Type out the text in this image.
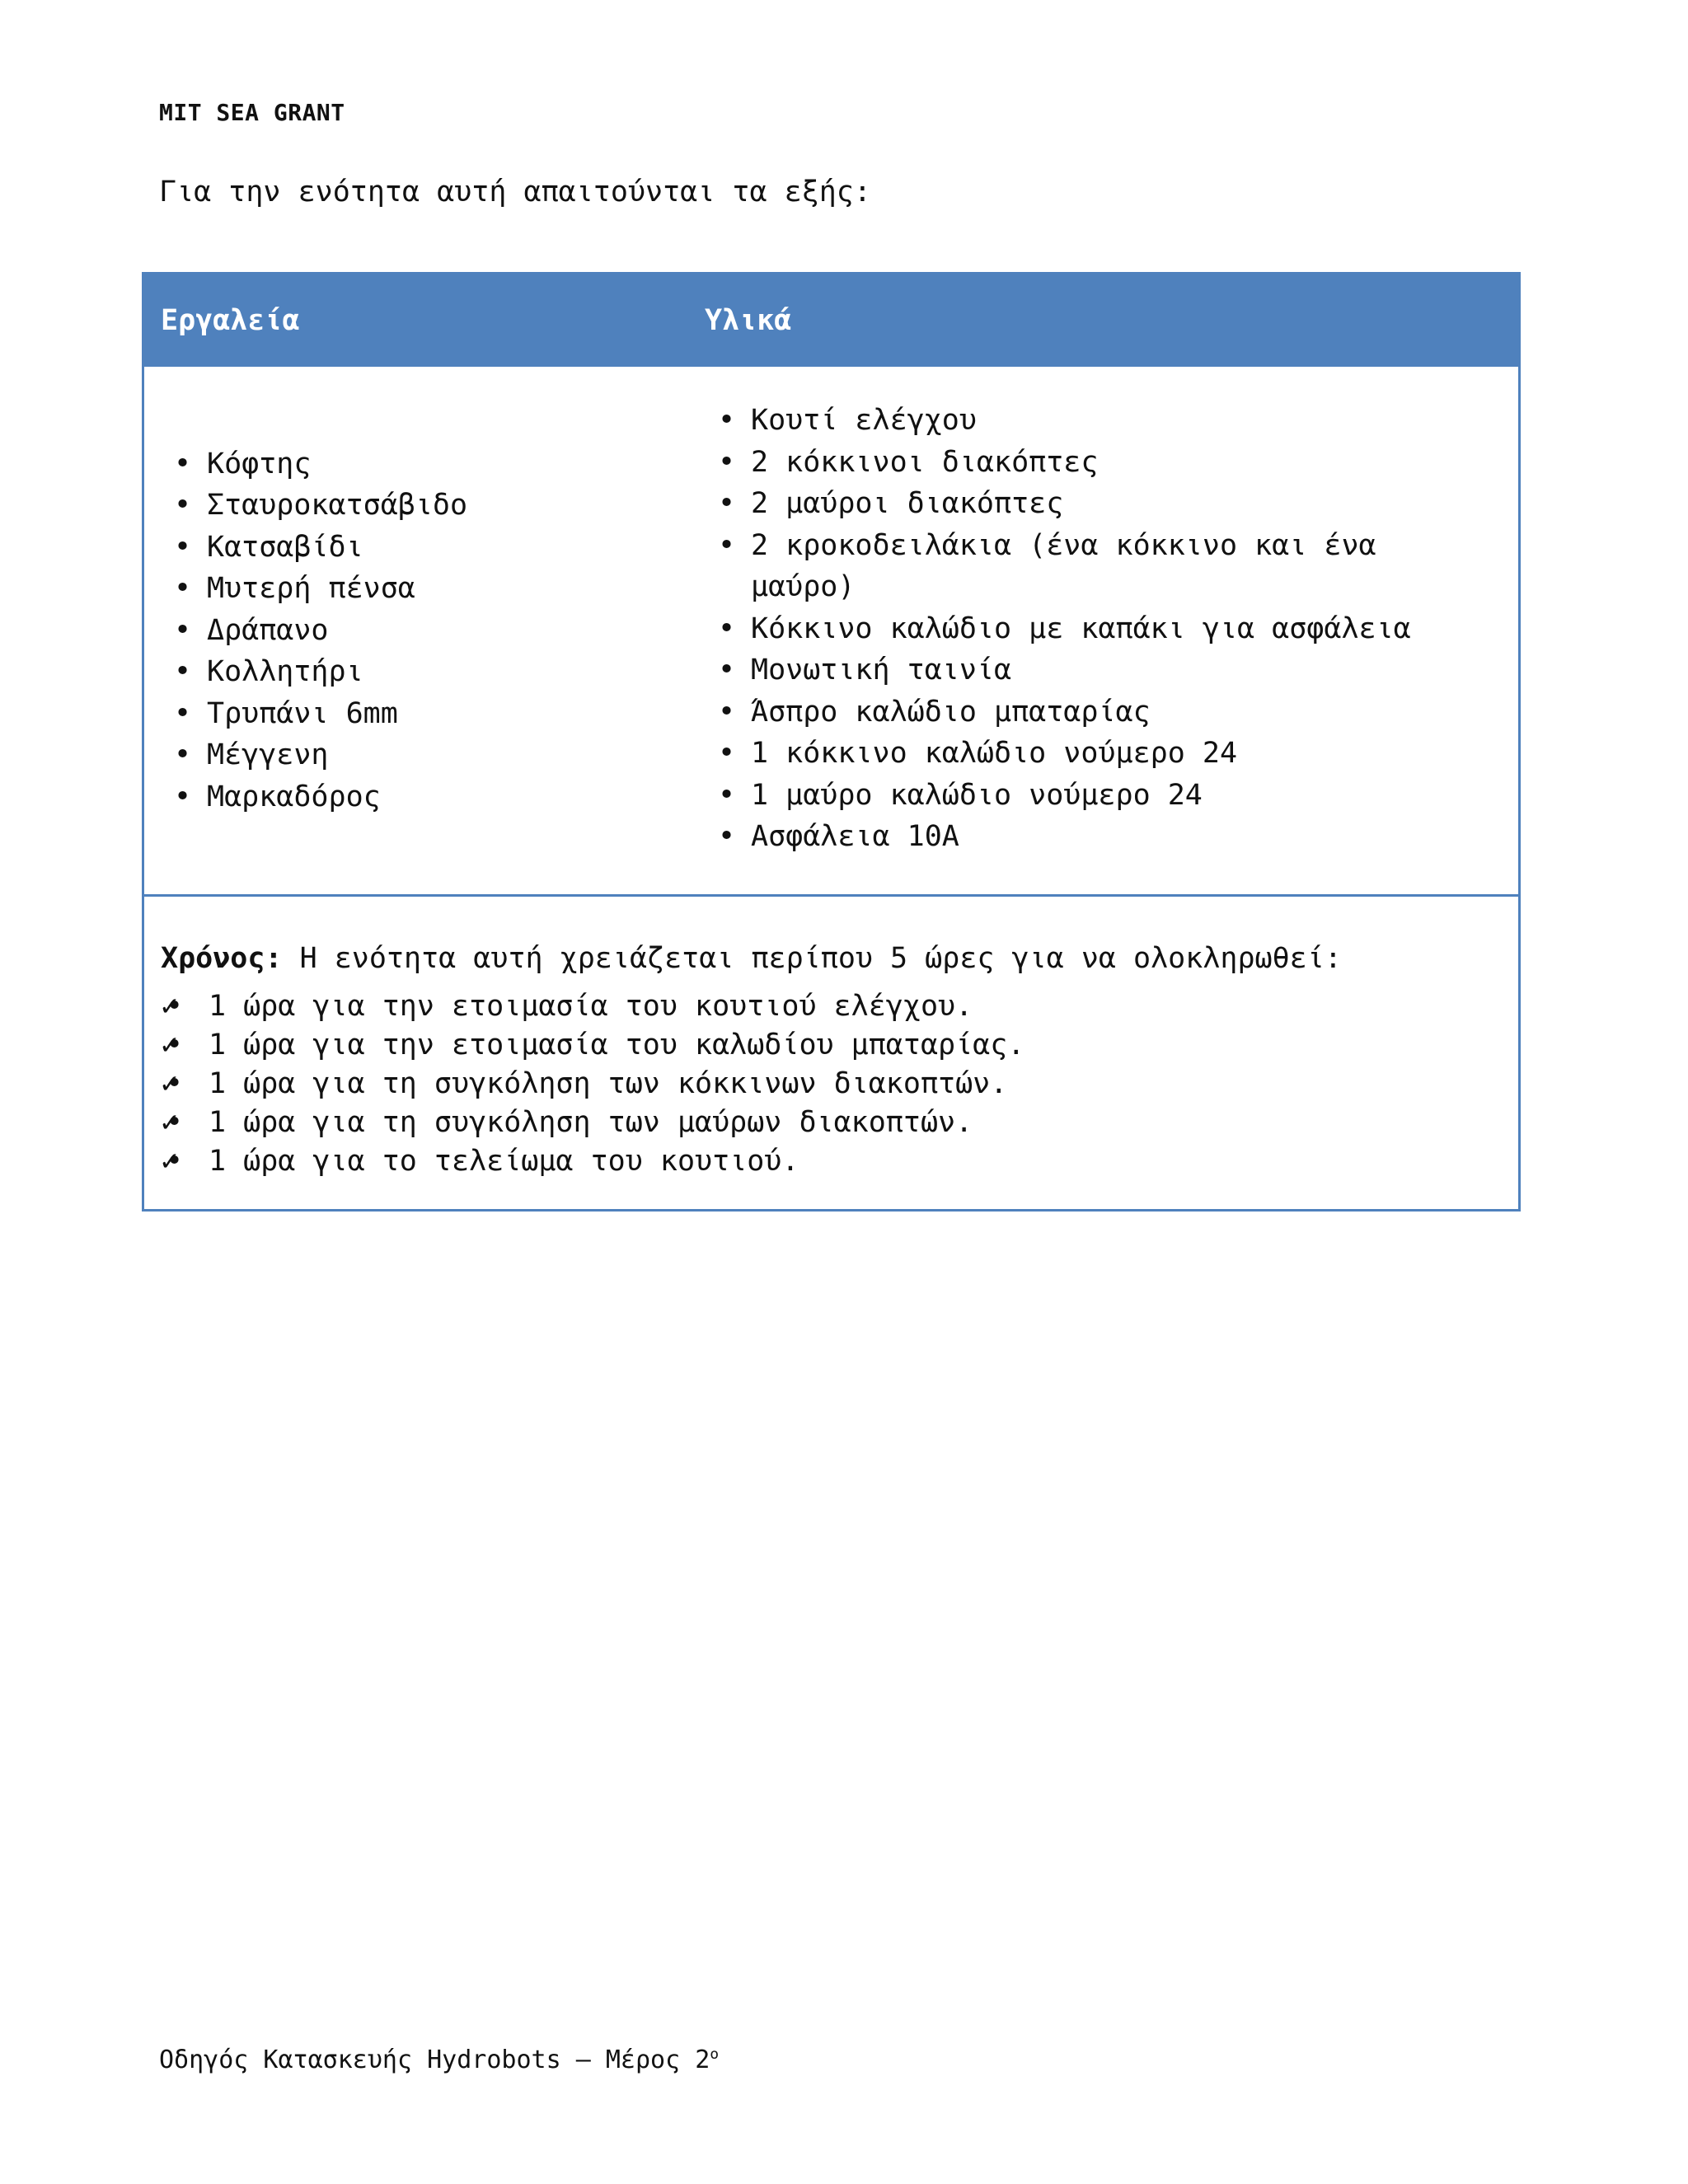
MIT SEA GRANT
Για την ενότητα αυτή απαιτούνται τα εξής:
Εργαλεία	Υλικά
• Κόφτης
• Σταυροκατσάβιδο
• Κατσαβίδι
• Μυτερή πένσα
• Δράπανο
• Κολλητήρι
• Τρυπάνι 6mm
• Μέγγενη
• Μαρκαδόρος
• Κουτί ελέγχου
• 2 κόκκινοι διακόπτες
• 2 μαύροι διακόπτες
• 2 κροκοδειλάκια (ένα κόκκινο και ένα μαύρο)
• Κόκκινο καλώδιο με καπάκι για ασφάλεια
• Μονωτική ταινία
• Άσπρο καλώδιο μπαταρίας
• 1 κόκκινο καλώδιο νούμερο 24
• 1 μαύρο καλώδιο νούμερο 24
• Ασφάλεια 10Α
Χρόνος: Η ενότητα αυτή χρειάζεται περίπου 5 ώρες για να ολοκληρωθεί:
• ✓ 1 ώρα για την ετοιμασία του κουτιού ελέγχου.
• ✓ 1 ώρα για την ετοιμασία του καλωδίου μπαταρίας.
• ✓ 1 ώρα για τη συγκόληση των κόκκινων διακοπτών.
• ✓ 1 ώρα για τη συγκόληση των μαύρων διακοπτών.
• ✓ 1 ώρα για το τελείωμα του κουτιού.
Οδηγός Κατασκευής Hydrobots – Μέρος $2^o$
